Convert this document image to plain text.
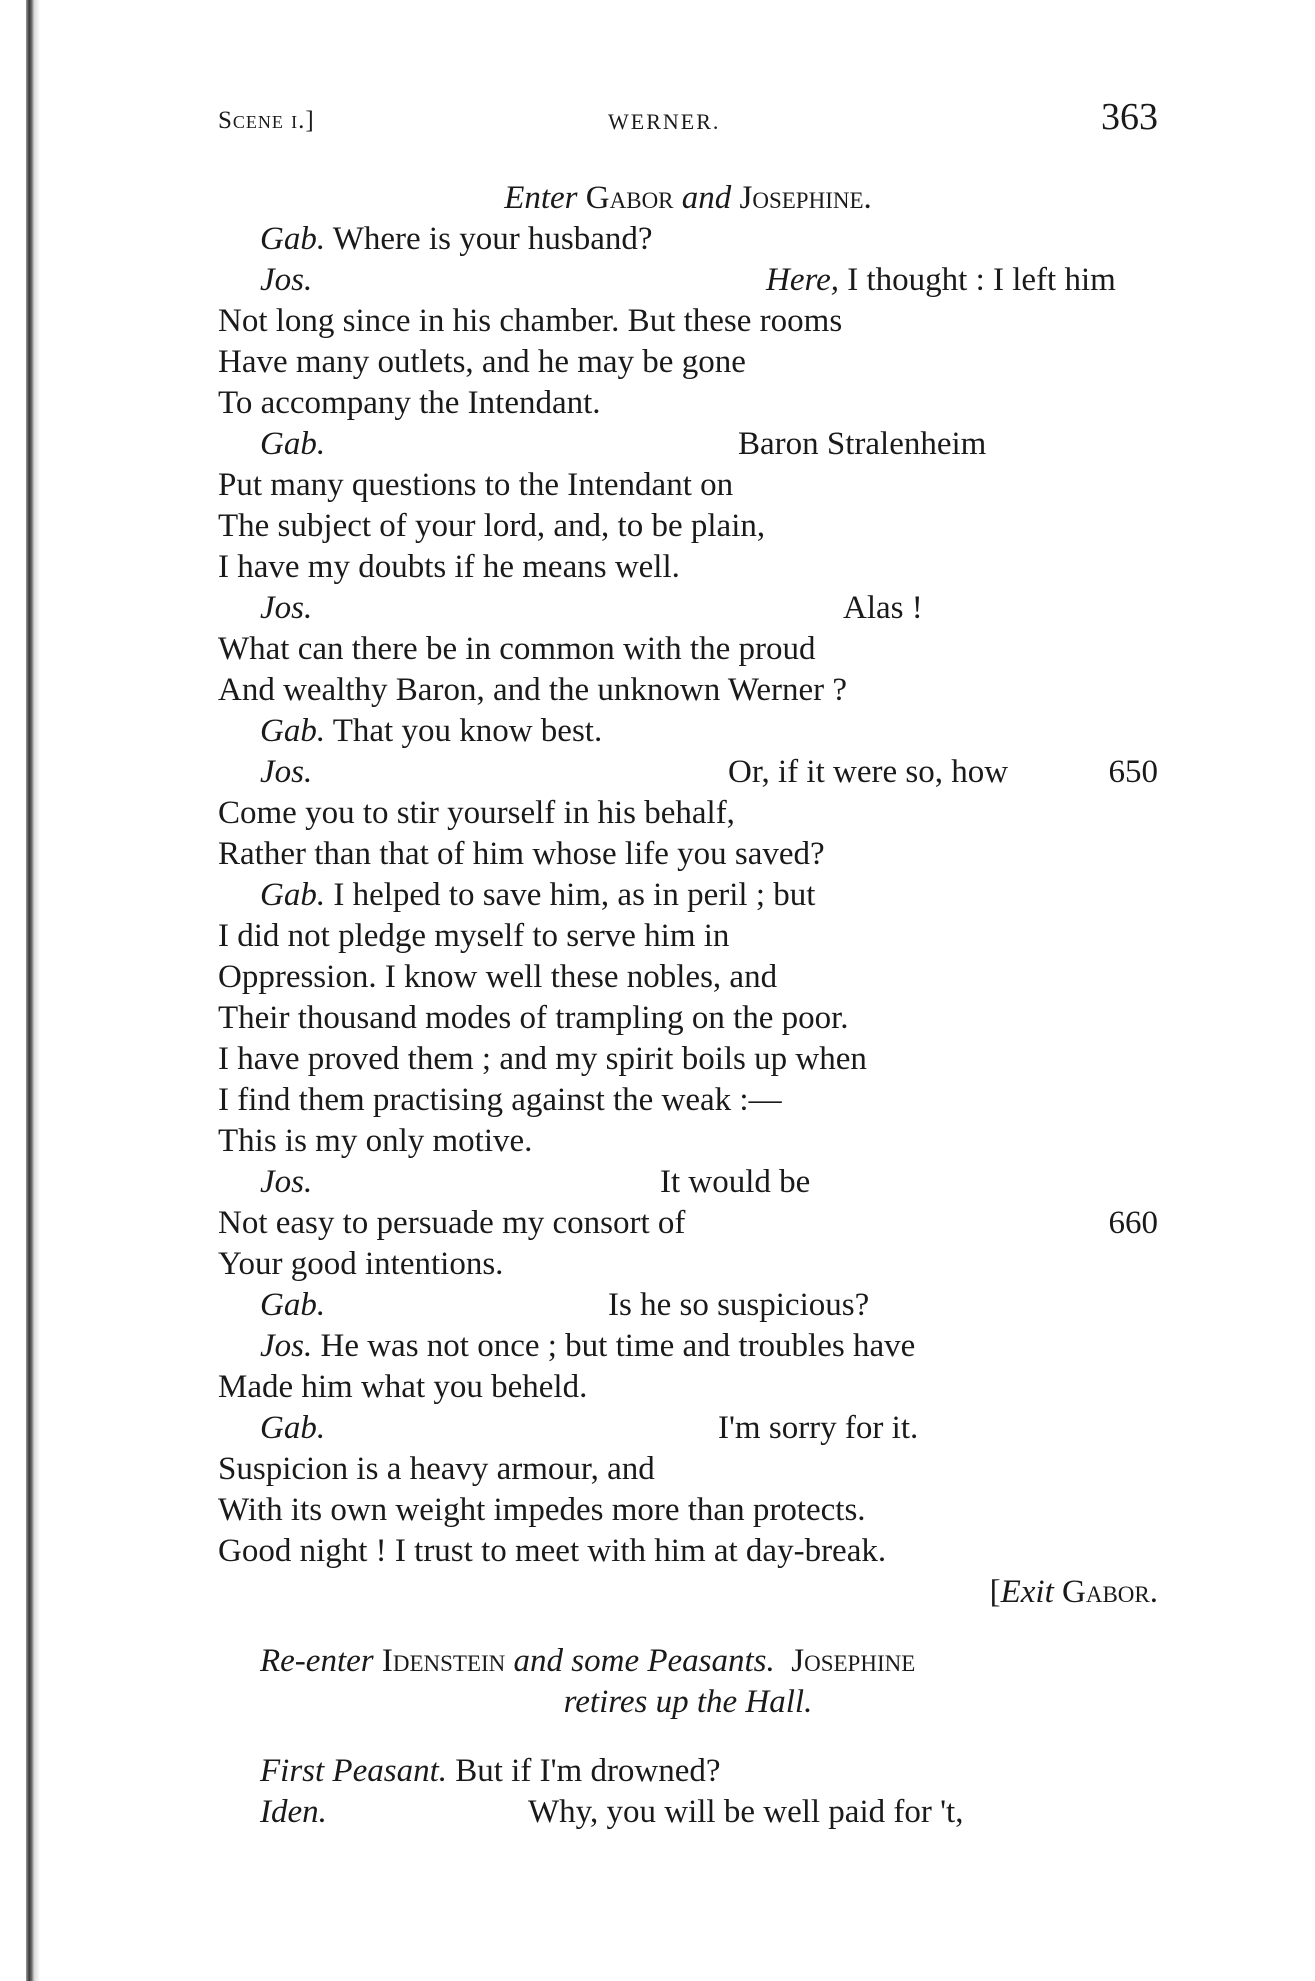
Scene i.]	WERNER.	363
Enter Gabor and Josephine.
Gab. Where is your husband?
Jos.	Here, I thought : I left him
Not long since in his chamber. But these rooms
Have many outlets, and he may be gone
To accompany the Intendant.
Gab.	Baron Stralenheim
Put many questions to the Intendant on
The subject of your lord, and, to be plain,
I have my doubts if he means well.
Jos.	Alas !
What can there be in common with the proud
And wealthy Baron, and the unknown Werner ?
Gab. That you know best.
Jos.	Or, if it were so, how	650
Come you to stir yourself in his behalf,
Rather than that of him whose life you saved?
Gab. I helped to save him, as in peril ; but
I did not pledge myself to serve him in
Oppression. I know well these nobles, and
Their thousand modes of trampling on the poor.
I have proved them ; and my spirit boils up when
I find them practising against the weak :—
This is my only motive.
Jos.	It would be
Not easy to persuade my consort of	660
Your good intentions.
Gab.	Is he so suspicious?
Jos. He was not once ; but time and troubles have
Made him what you beheld.
Gab.	I'm sorry for it.
Suspicion is a heavy armour, and
With its own weight impedes more than protects.
Good night ! I trust to meet with him at day-break.
[Exit Gabor.
Re-enter Idenstein and some Peasants. Josephine
retires up the Hall.
First Peasant. But if I'm drowned?
Iden.	Why, you will be well paid for 't,
